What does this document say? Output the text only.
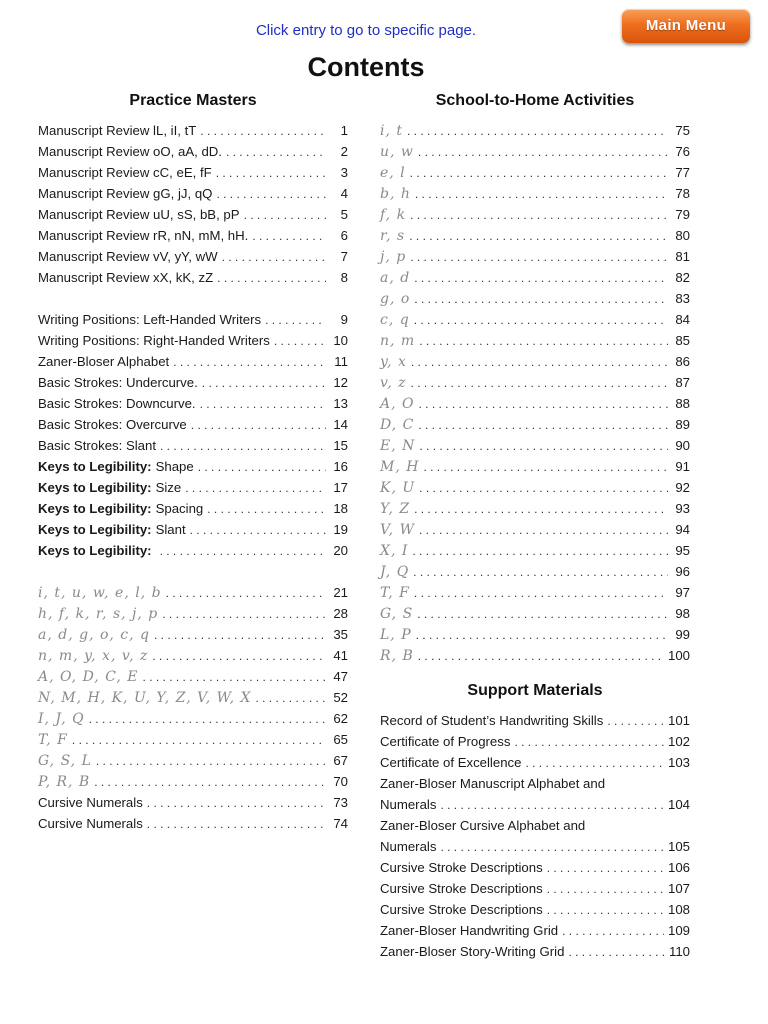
Click entry to go to specific page.	Main Menu
Contents
Practice Masters
Manuscript Review lL, iI, tT . . .	1
Manuscript Review oO, aA, dD. . . .	2
Manuscript Review cC, eE, fF . . .	3
Manuscript Review gG, jJ, qQ . . .	4
Manuscript Review uU, sS, bB, pP . . .	5
Manuscript Review rR, nN, mM, hH. . . .	6
Manuscript Review vV, yY, wW . . .	7
Manuscript Review xX, kK, zZ . . .	8
Writing Positions: Left-Handed Writers . . .	9
Writing Positions: Right-Handed Writers . . .	10
Zaner-Bloser Alphabet . . .	11
Basic Strokes: Undercurve. . . .	12
Basic Strokes: Downcurve. . . .	13
Basic Strokes: Overcurve . . .	14
Basic Strokes: Slant . . .	15
Keys to Legibility: Shape . . .	16
Keys to Legibility: Size . . .	17
Keys to Legibility: Spacing . . .	18
Keys to Legibility: Slant . . .	19
Keys to Legibility: . . .	20
i, t, u, w, e, l, b . . .	21
h, f, k, r, s, j, p . . .	28
a, d, g, o, c, q . . .	35
n, m, y, x, v, z . . .	41
A, O, D, C, E . . .	47
N, M, H, K, U, Y, Z, V, W, X . . .	52
I, J, Q . . .	62
T, F . . .	65
G, S, L . . .	67
P, R, B . . .	70
Cursive Numerals . . .	73
Cursive Numerals . . .	74
School-to-Home Activities
i, t . . .	75
u, w . . .	76
e, l . . .	77
b, h . . .	78
f, k . . .	79
r, s . . .	80
j, p . . .	81
a, d . . .	82
g, o . . .	83
c, q . . .	84
n, m . . .	85
y, x . . .	86
v, z . . .	87
A, O . . .	88
D, C . . .	89
E, N . . .	90
M, H . . .	91
K, U . . .	92
Y, Z . . .	93
V, W . . .	94
X, I . . .	95
J, Q . . .	96
T, F . . .	97
G, S . . .	98
L, P . . .	99
R, B . . .	100
Support Materials
Record of Student’s Handwriting Skills . . .	101
Certificate of Progress . . .	102
Certificate of Excellence . . .	103
Zaner-Bloser Manuscript Alphabet and
Numerals . . .	104
Zaner-Bloser Cursive Alphabet and
Numerals . . .	105
Cursive Stroke Descriptions . . .	106
Cursive Stroke Descriptions . . .	107
Cursive Stroke Descriptions . . .	108
Zaner-Bloser Handwriting Grid . . .	109
Zaner-Bloser Story-Writing Grid . . .	110
